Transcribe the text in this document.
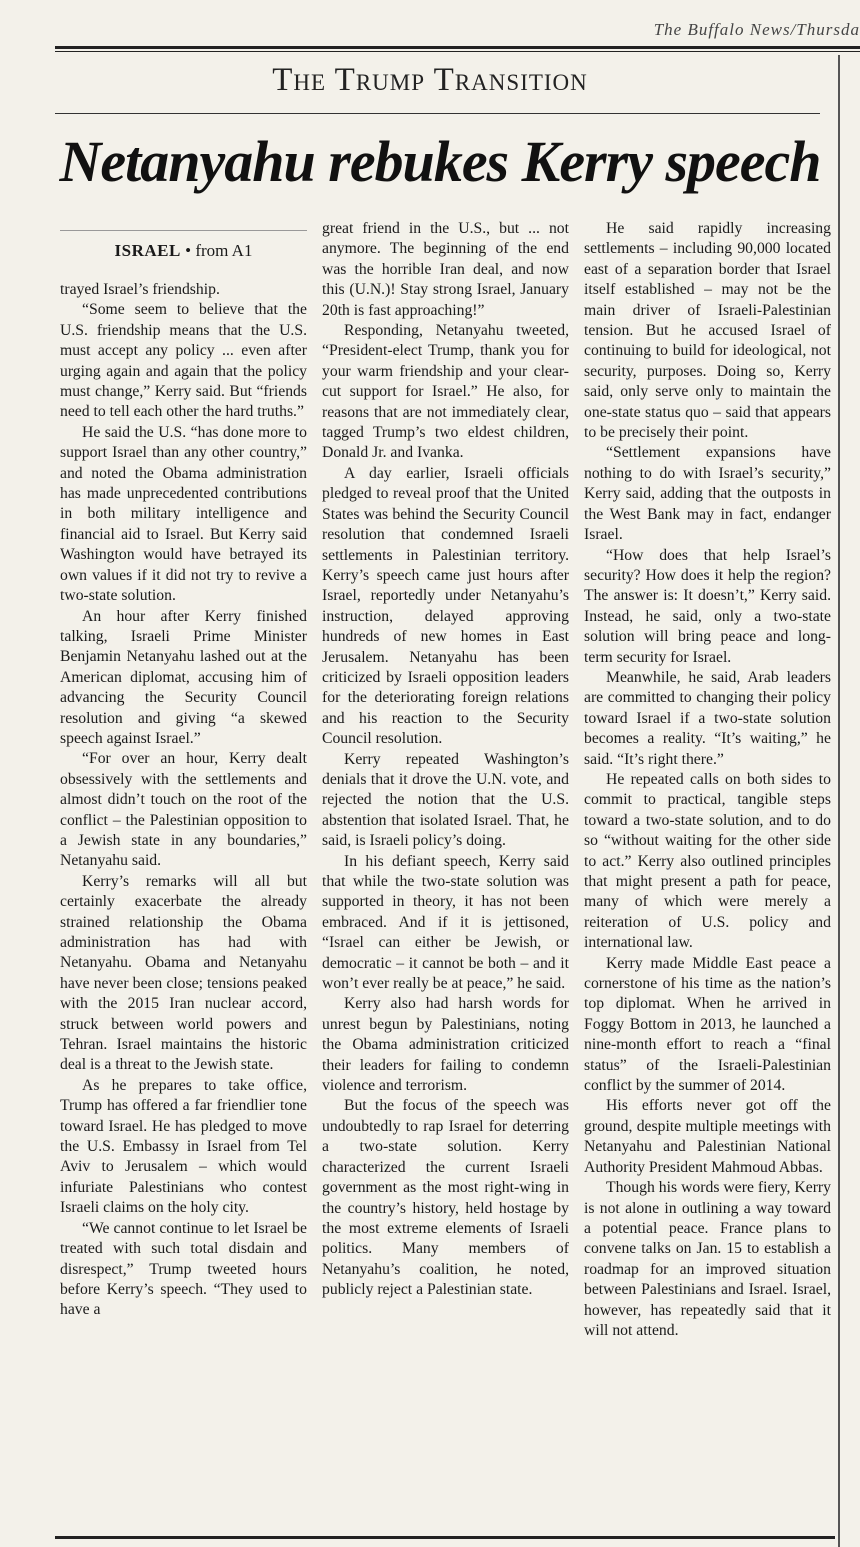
The Buffalo News/Thursda
The Trump Transition
Netanyahu rebukes Kerry speech
ISRAEL • from A1

trayed Israel’s friendship.

“Some seem to believe that the U.S. friendship means that the U.S. must accept any policy ... even after urging again and again that the policy must change,” Kerry said. But “friends need to tell each other the hard truths.”

He said the U.S. “has done more to support Israel than any other country,” and noted the Obama administration has made unprecedented contributions in both military intelligence and financial aid to Israel. But Kerry said Washington would have betrayed its own values if it did not try to revive a two-state solution.

An hour after Kerry finished talking, Israeli Prime Minister Benjamin Netanyahu lashed out at the American diplomat, accusing him of advancing the Security Council resolution and giving “a skewed speech against Israel.”

“For over an hour, Kerry dealt obsessively with the settlements and almost didn’t touch on the root of the conflict – the Palestinian opposition to a Jewish state in any boundaries,” Netanyahu said.

Kerry’s remarks will all but certainly exacerbate the already strained relationship the Obama administration has had with Netanyahu. Obama and Netanyahu have never been close; tensions peaked with the 2015 Iran nuclear accord, struck between world powers and Tehran. Israel maintains the historic deal is a threat to the Jewish state.

As he prepares to take office, Trump has offered a far friendlier tone toward Israel. He has pledged to move the U.S. Embassy in Israel from Tel Aviv to Jerusalem – which would infuriate Palestinians who contest Israeli claims on the holy city.

“We cannot continue to let Israel be treated with such total disdain and disrespect,” Trump tweeted hours before Kerry’s speech. “They used to have a

great friend in the U.S., but ... not anymore. The beginning of the end was the horrible Iran deal, and now this (U.N.)! Stay strong Israel, January 20th is fast approaching!”

Responding, Netanyahu tweeted, “President-elect Trump, thank you for your warm friendship and your clear-cut support for Israel.” He also, for reasons that are not immediately clear, tagged Trump’s two eldest children, Donald Jr. and Ivanka.

A day earlier, Israeli officials pledged to reveal proof that the United States was behind the Security Council resolution that condemned Israeli settlements in Palestinian territory. Kerry’s speech came just hours after Israel, reportedly under Netanyahu’s instruction, delayed approving hundreds of new homes in East Jerusalem. Netanyahu has been criticized by Israeli opposition leaders for the deteriorating foreign relations and his reaction to the Security Council resolution.

Kerry repeated Washington’s denials that it drove the U.N. vote, and rejected the notion that the U.S. abstention that isolated Israel. That, he said, is Israeli policy’s doing.

In his defiant speech, Kerry said that while the two-state solution was supported in theory, it has not been embraced. And if it is jettisoned, “Israel can either be Jewish, or democratic – it cannot be both – and it won’t ever really be at peace,” he said.

Kerry also had harsh words for unrest begun by Palestinians, noting the Obama administration criticized their leaders for failing to condemn violence and terrorism.

But the focus of the speech was undoubtedly to rap Israel for deterring a two-state solution. Kerry characterized the current Israeli government as the most right-wing in the country’s history, held hostage by the most extreme elements of Israeli politics. Many members of Netanyahu’s coalition, he noted, publicly reject a Palestinian state.

He said rapidly increasing settlements – including 90,000 located east of a separation border that Israel itself established – may not be the main driver of Israeli-Palestinian tension. But he accused Israel of continuing to build for ideological, not security, purposes. Doing so, Kerry said, only serve only to maintain the one-state status quo – said that appears to be precisely their point.

“Settlement expansions have nothing to do with Israel’s security,” Kerry said, adding that the outposts in the West Bank may in fact, endanger Israel.

“How does that help Israel’s security? How does it help the region? The answer is: It doesn’t,” Kerry said. Instead, he said, only a two-state solution will bring peace and long-term security for Israel.

Meanwhile, he said, Arab leaders are committed to changing their policy toward Israel if a two-state solution becomes a reality. “It’s waiting,” he said. “It’s right there.”

He repeated calls on both sides to commit to practical, tangible steps toward a two-state solution, and to do so “without waiting for the other side to act.” Kerry also outlined principles that might present a path for peace, many of which were merely a reiteration of U.S. policy and international law.

Kerry made Middle East peace a cornerstone of his time as the nation’s top diplomat. When he arrived in Foggy Bottom in 2013, he launched a nine-month effort to reach a “final status” of the Israeli-Palestinian conflict by the summer of 2014.

His efforts never got off the ground, despite multiple meetings with Netanyahu and Palestinian National Authority President Mahmoud Abbas.

Though his words were fiery, Kerry is not alone in outlining a way toward a potential peace. France plans to convene talks on Jan. 15 to establish a roadmap for an improved situation between Palestinians and Israel. Israel, however, has repeatedly said that it will not attend.
